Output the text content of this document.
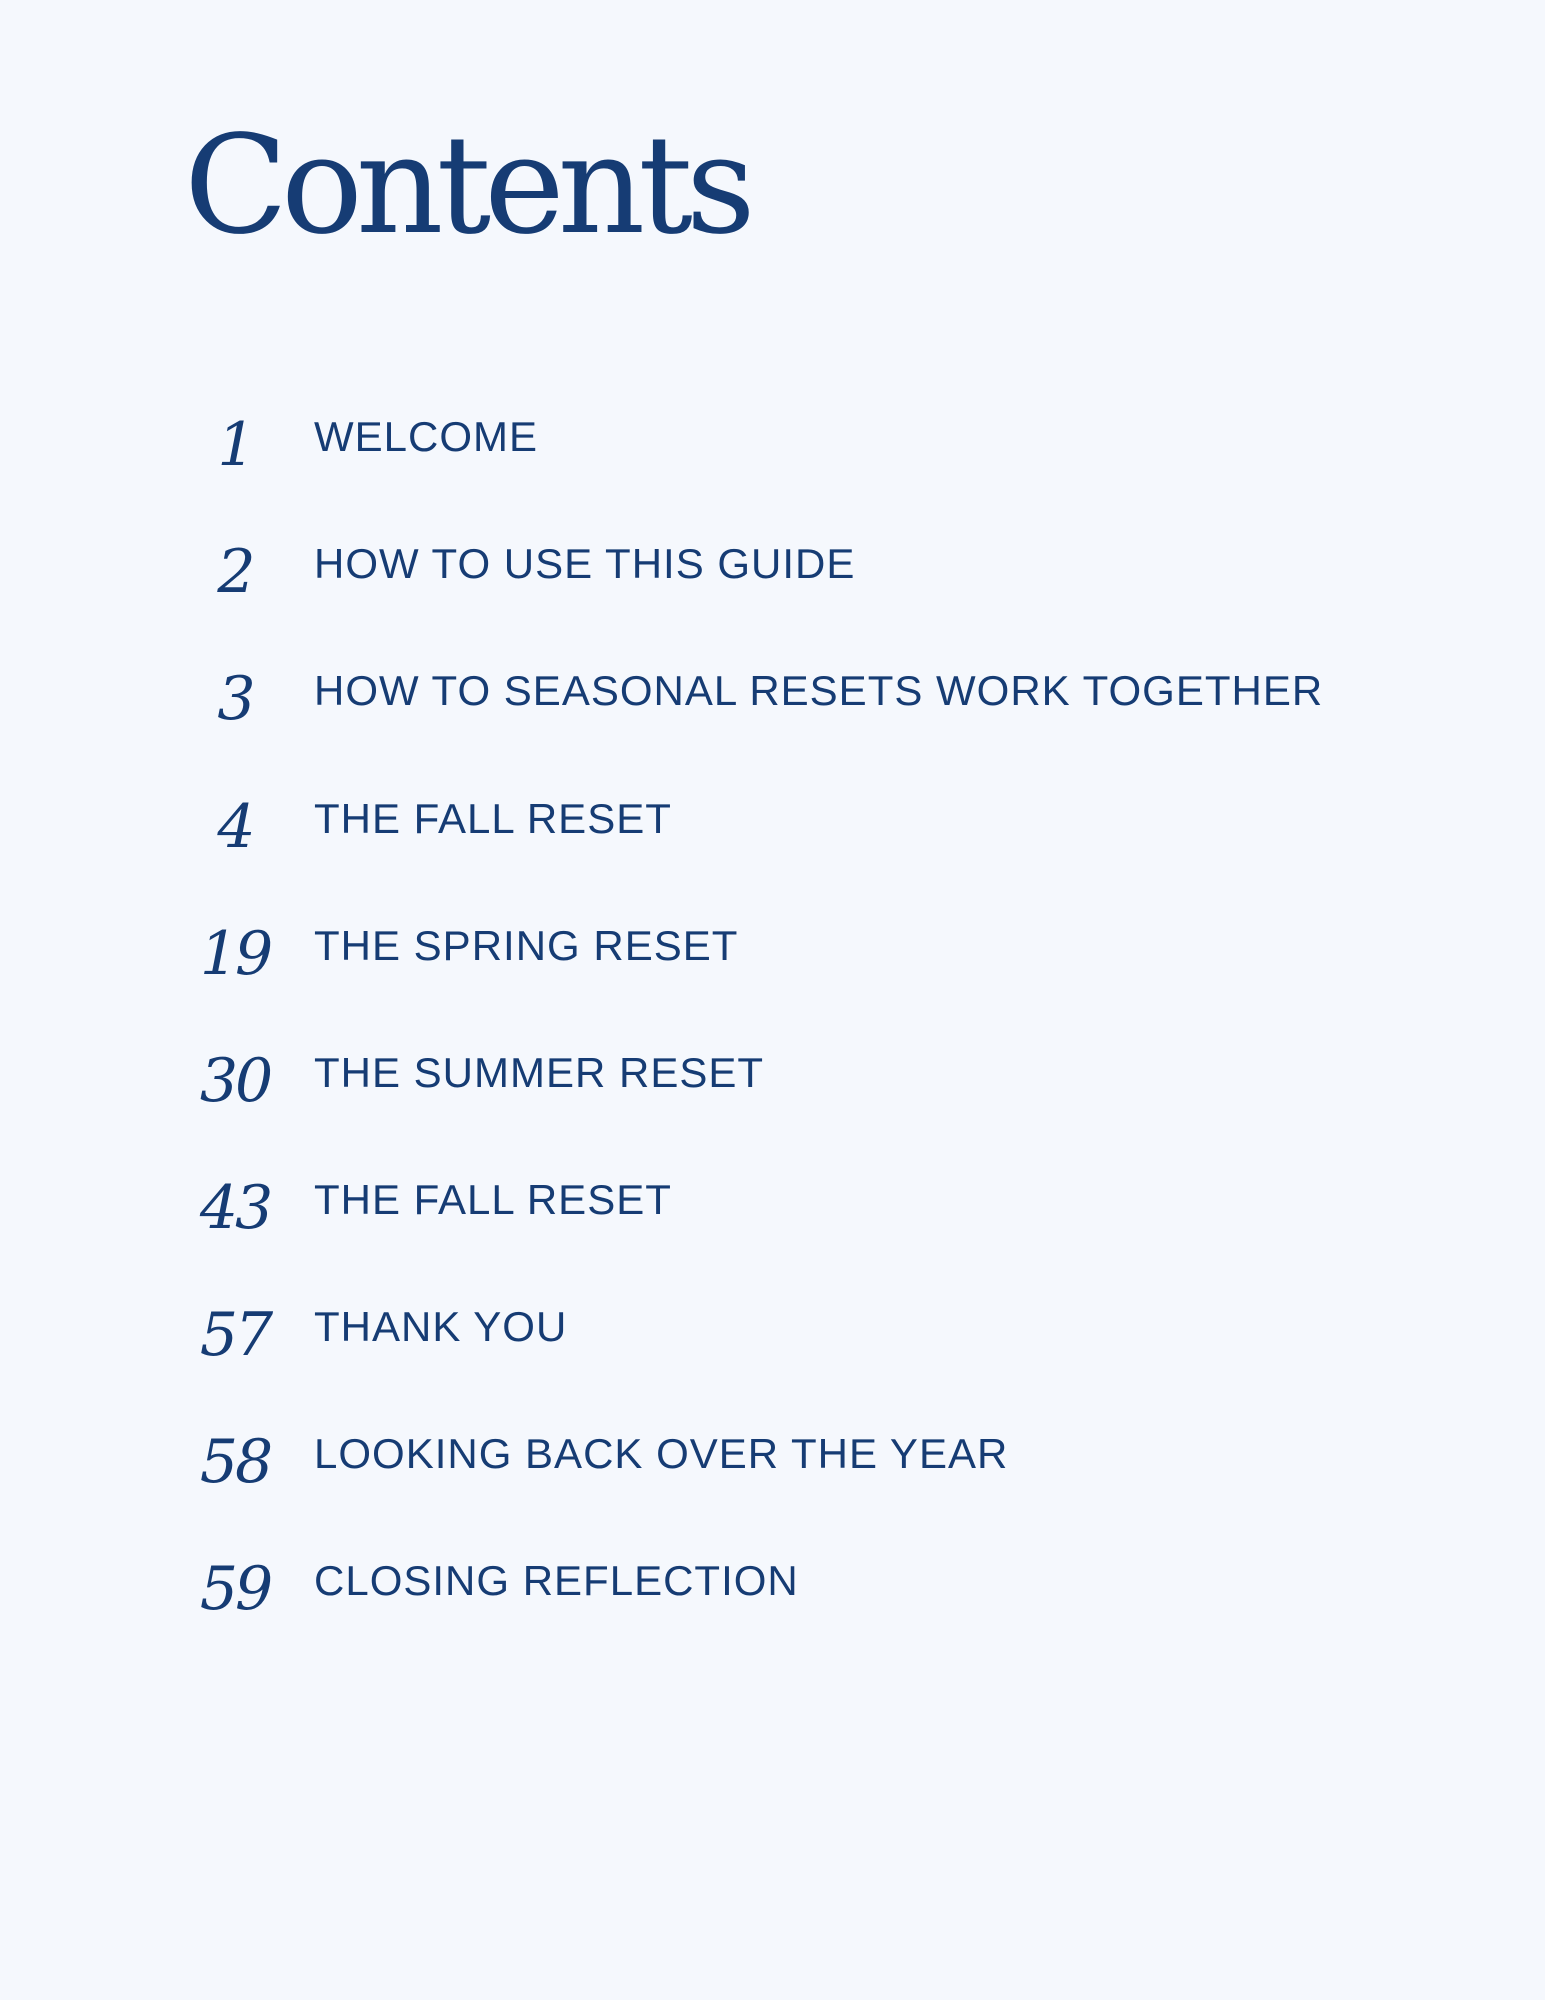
Contents
1	WELCOME
2	HOW TO USE THIS GUIDE
3	HOW TO SEASONAL RESETS WORK TOGETHER
4	THE FALL RESET
19 THE SPRING RESET
30 THE SUMMER RESET
43 THE FALL RESET
57 THANK YOU
58 LOOKING BACK OVER THE YEAR
59 CLOSING REFLECTION
